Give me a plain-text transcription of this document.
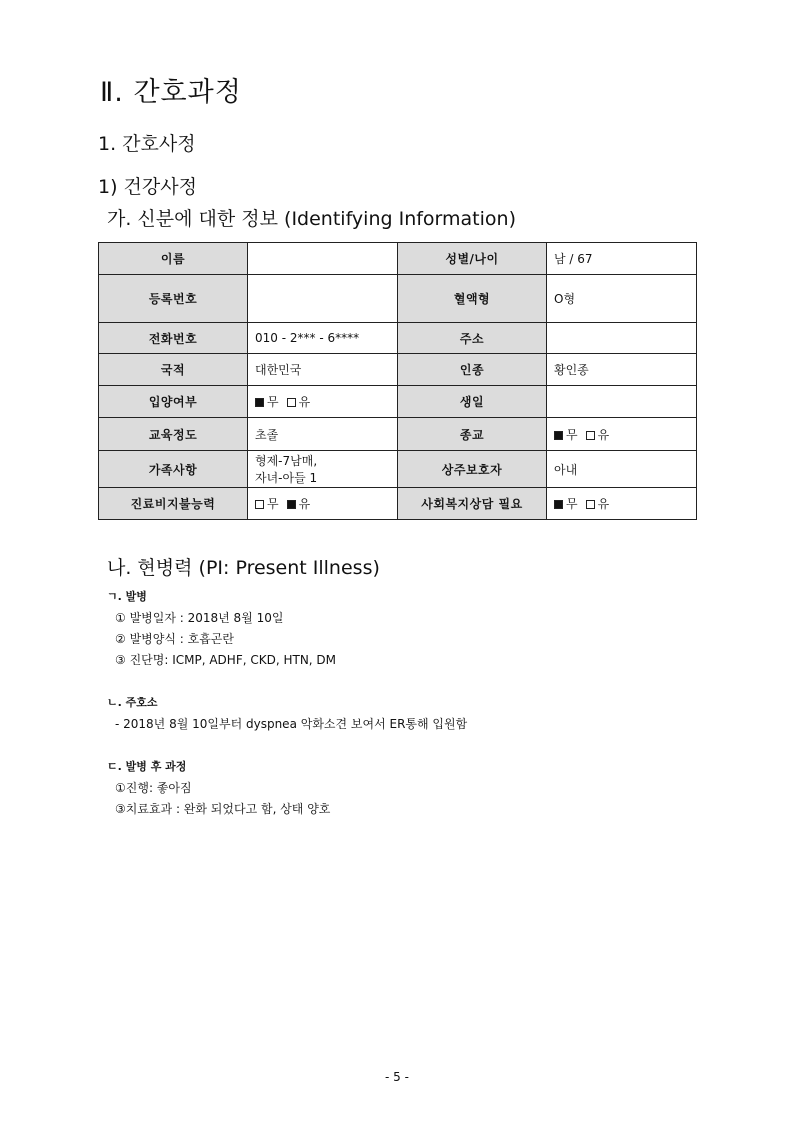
Ⅱ. 간호과정
1. 간호사정
1) 건강사정
가. 신분에 대한 정보 (Identifying Information)
이름		성별/나이	남 / 67
등록번호		혈액형	O형
전화번호	010 - 2*** - 6****	주소	
국적	대한민국	인종	황인종
입양여부	무 유	생일	
교육정도	초졸	종교	무 유
가족사항	형제-7남매,
자녀-아들 1	상주보호자	아내
진료비지불능력	무 유	사회복지상담 필요	무 유
나. 현병력 (PI: Present Illness)
ㄱ. 발병
① 발병일자 : 2018년 8월 10일
② 발병양식 : 호흡곤란
③ 진단명: ICMP, ADHF, CKD, HTN, DM
ㄴ. 주호소
- 2018년 8월 10일부터 dyspnea 악화소견 보여서 ER통해 입원함
ㄷ. 발병 후 과정
①진행: 좋아짐
③치료효과 : 완화 되었다고 함, 상태 양호
- 5 -
